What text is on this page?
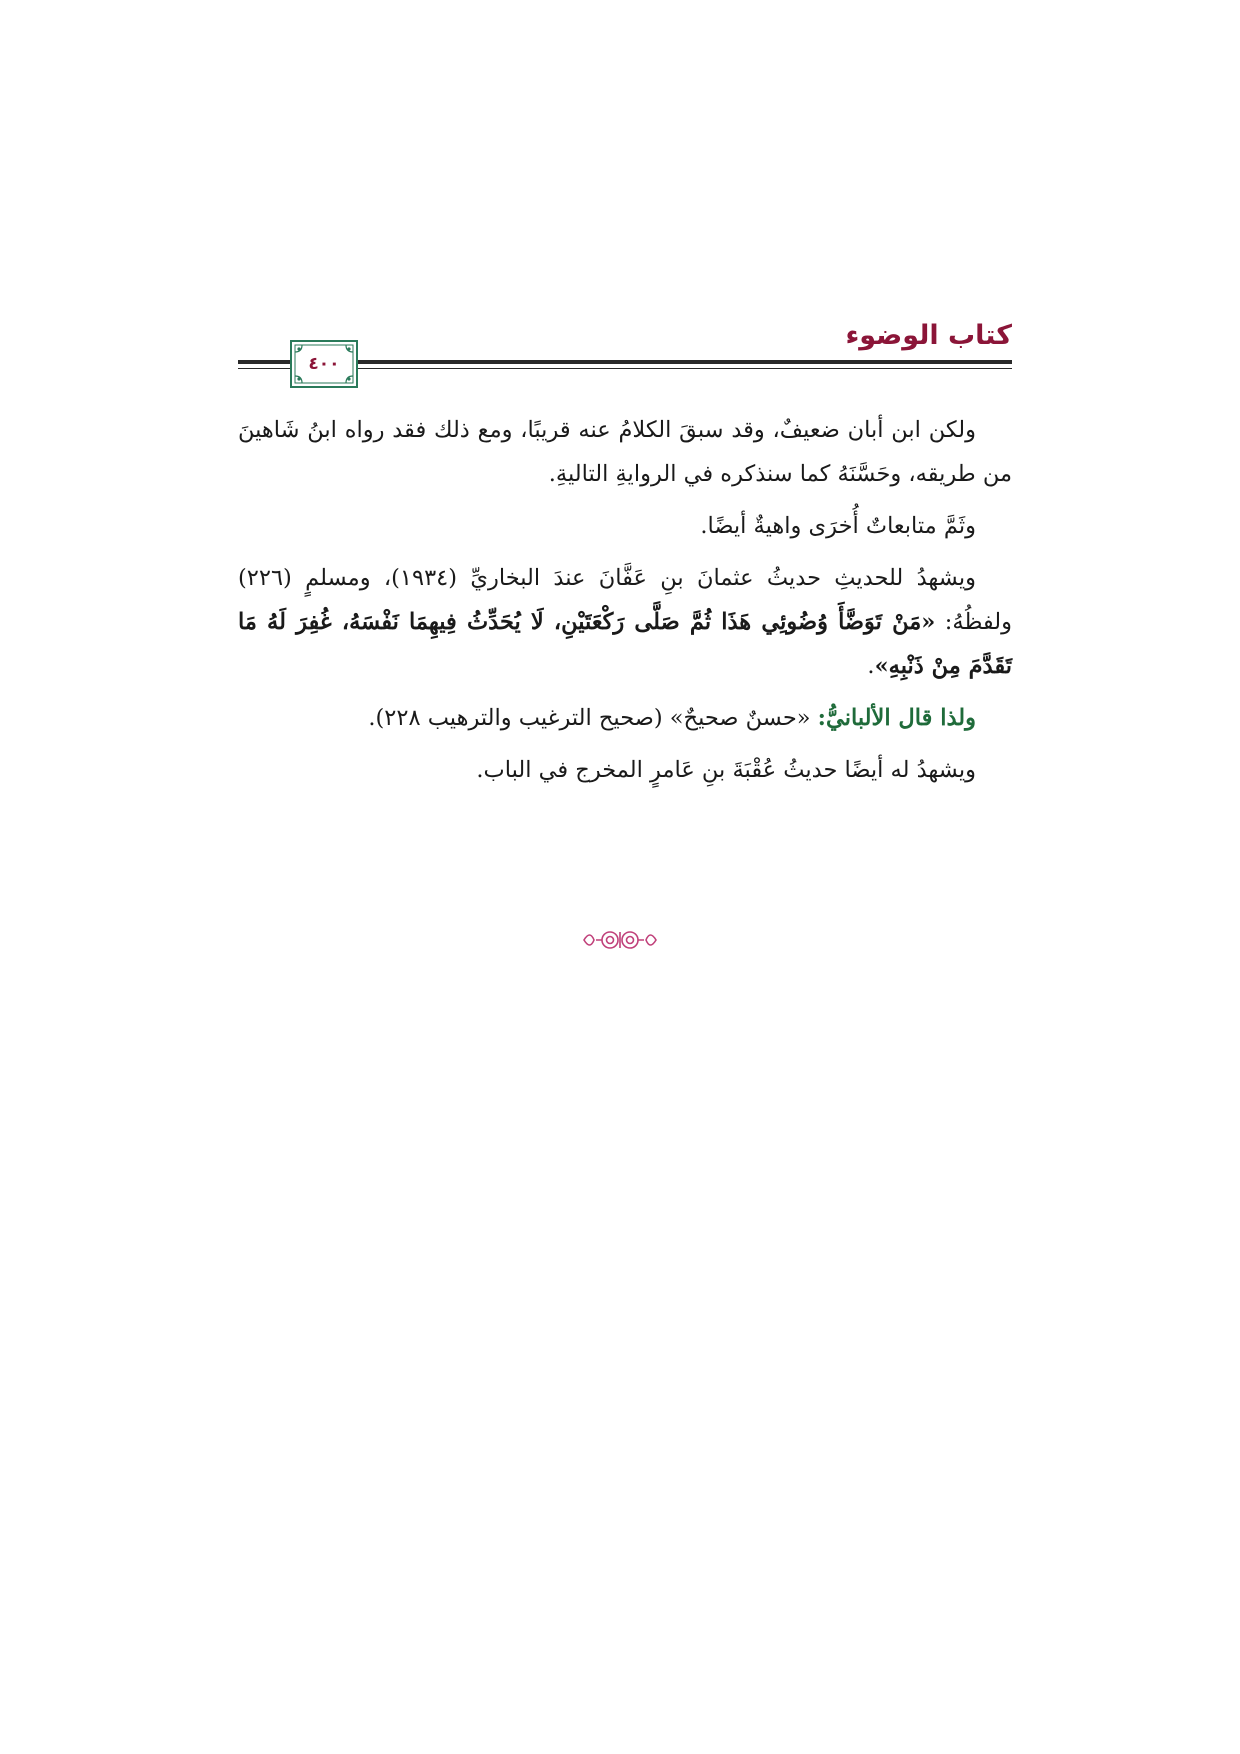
كتاب الوضوء
٤٠٠

ولكن ابن أبان ضعيفٌ، وقد سبقَ الكلامُ عنه قريبًا، ومع ذلك فقد رواه ابنُ شَاهينَ من طريقه، وحَسَّنَهُ كما سنذكره في الروايةِ التاليةِ.

وثَمَّ متابعاتٌ أُخرَى واهيةٌ أيضًا.

ويشهدُ للحديثِ حديثُ عثمانَ بنِ عَفَّانَ عندَ البخاريِّ (١٩٣٤)، ومسلمٍ (٢٢٦) ولفظُهُ: «مَنْ تَوَضَّأَ وُضُوئِي هَذَا ثُمَّ صَلَّى رَكْعَتَيْنِ، لَا يُحَدِّثُ فِيهِمَا نَفْسَهُ، غُفِرَ لَهُ مَا تَقَدَّمَ مِنْ ذَنْبِهِ».

ولذا قال الألبانيُّ: «حسنٌ صحيحٌ» (صحيح الترغيب والترهيب ٢٢٨).

ويشهدُ له أيضًا حديثُ عُقْبَةَ بنِ عَامرٍ المخرج في الباب.
